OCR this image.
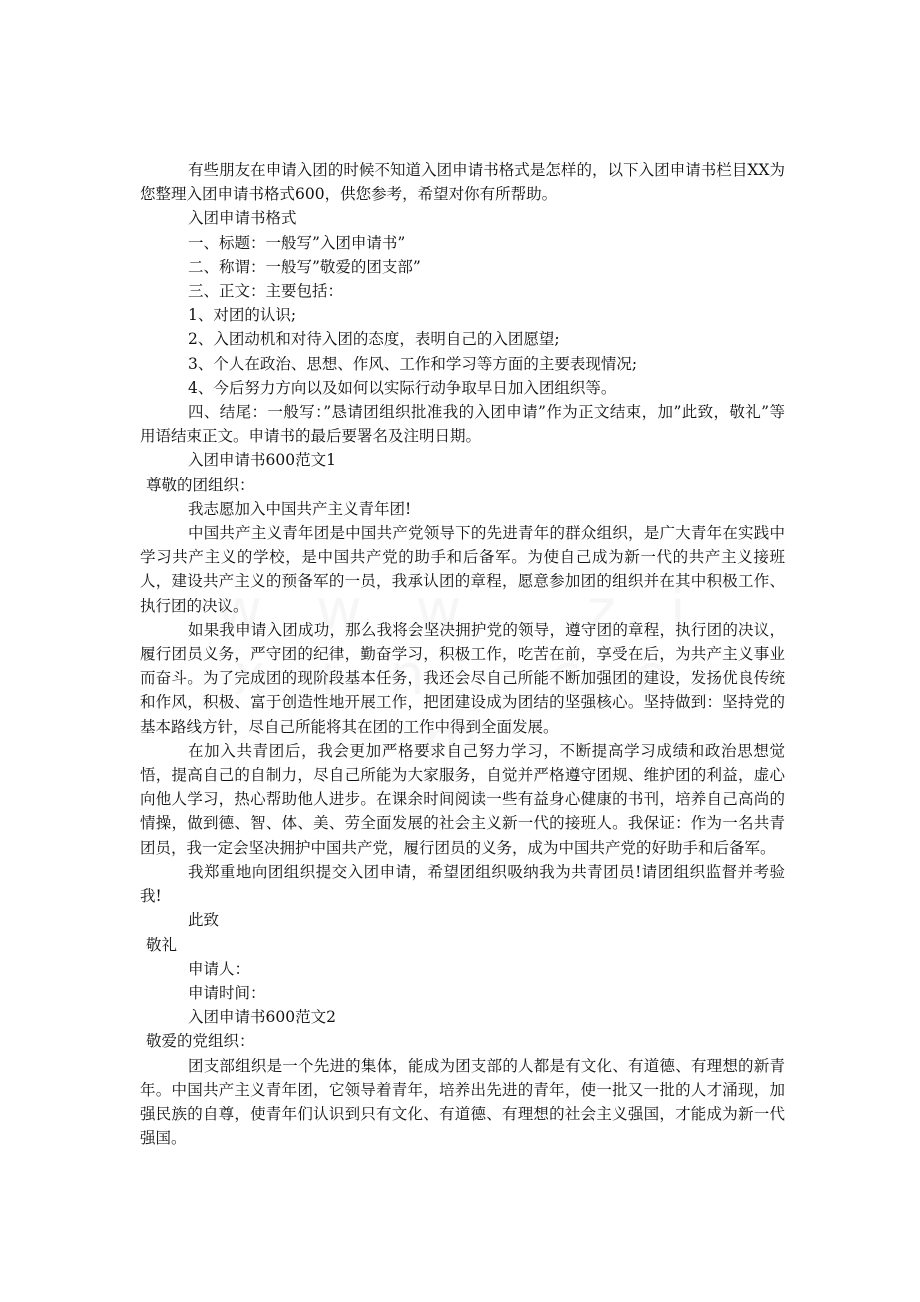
有些朋友在申请入团的时候不知道入团申请书格式是怎样的，以下入团申请书栏目XX为您整理入团申请书格式600，供您参考，希望对你有所帮助。

入团申请书格式

一、标题：一般写”入团申请书”

二、称谓：一般写”敬爱的团支部”

三、正文：主要包括：

1、对团的认识;

2、入团动机和对待入团的态度，表明自己的入团愿望;

3、个人在政治、思想、作风、工作和学习等方面的主要表现情况;

4、今后努力方向以及如何以实际行动争取早日加入团组织等。

四、结尾：一般写：”恳请团组织批准我的入团申请”作为正文结束，加”此致，敬礼”等用语结束正文。申请书的最后要署名及注明日期。

入团申请书600范文1

尊敬的团组织：

我志愿加入中国共产主义青年团!

中国共产主义青年团是中国共产党领导下的先进青年的群众组织，是广大青年在实践中学习共产主义的学校，是中国共产党的助手和后备军。为使自己成为新一代的共产主义接班人，建设共产主义的预备军的一员，我承认团的章程，愿意参加团的组织并在其中积极工作、执行团的决议。

如果我申请入团成功，那么我将会坚决拥护党的领导，遵守团的章程，执行团的决议，履行团员义务，严守团的纪律，勤奋学习，积极工作，吃苦在前，享受在后，为共产主义事业而奋斗。为了完成团的现阶段基本任务，我还会尽自己所能不断加强团的建设，发扬优良传统和作风，积极、富于创造性地开展工作，把团建设成为团结的坚强核心。坚持做到：坚持党的基本路线方针，尽自己所能将其在团的工作中得到全面发展。

在加入共青团后，我会更加严格要求自己努力学习，不断提高学习成绩和政治思想觉悟，提高自己的自制力，尽自己所能为大家服务，自觉并严格遵守团规、维护团的利益，虚心向他人学习，热心帮助他人进步。在课余时间阅读一些有益身心健康的书刊，培养自己高尚的情操，做到德、智、体、美、劳全面发展的社会主义新一代的接班人。我保证：作为一名共青团员，我一定会坚决拥护中国共产党，履行团员的义务，成为中国共产党的好助手和后备军。

我郑重地向团组织提交入团申请，希望团组织吸纳我为共青团员!请团组织监督并考验我!

此致

敬礼

申请人：

申请时间：

入团申请书600范文2

敬爱的党组织：

团支部组织是一个先进的集体，能成为团支部的人都是有文化、有道德、有理想的新青年。中国共产主义青年团，它领导着青年，培养出先进的青年，使一批又一批的人才涌现，加强民族的自尊，使青年们认识到只有文化、有道德、有理想的社会主义强国，才能成为新一代强国。
